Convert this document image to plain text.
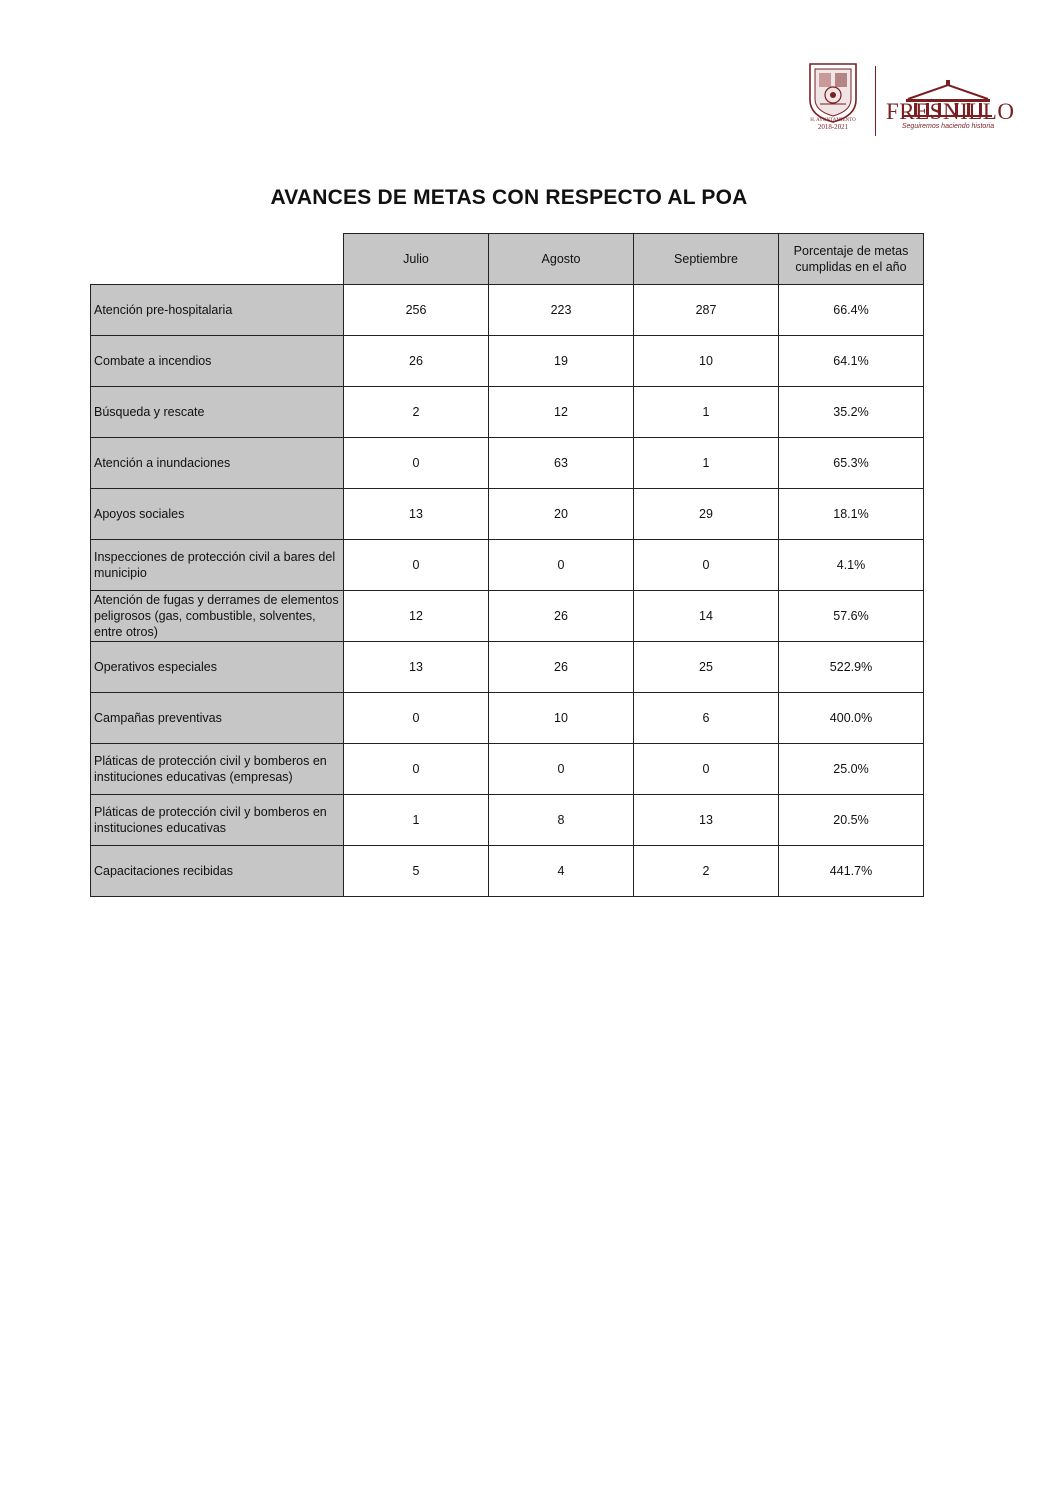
H. AYUNTAMIENTO
2018-2021
FRESNILLO
Seguiremos haciendo historia
AVANCES DE METAS CON RESPECTO AL POA
	Julio	Agosto	Septiembre	Porcentaje de metas cumplidas en el año
Atención pre-hospitalaria	256	223	287	66.4%
Combate a incendios	26	19	10	64.1%
Búsqueda y rescate	2	12	1	35.2%
Atención a inundaciones	0	63	1	65.3%
Apoyos sociales	13	20	29	18.1%
Inspecciones de protección civil a bares del municipio	0	0	0	4.1%
Atención de fugas y derrames de elementos peligrosos (gas, combustible, solventes, entre otros)	12	26	14	57.6%
Operativos especiales	13	26	25	522.9%
Campañas preventivas	0	10	6	400.0%
Pláticas de protección civil y bomberos en instituciones educativas (empresas)	0	0	0	25.0%
Pláticas de protección civil y bomberos en instituciones educativas	1	8	13	20.5%
Capacitaciones recibidas	5	4	2	441.7%
